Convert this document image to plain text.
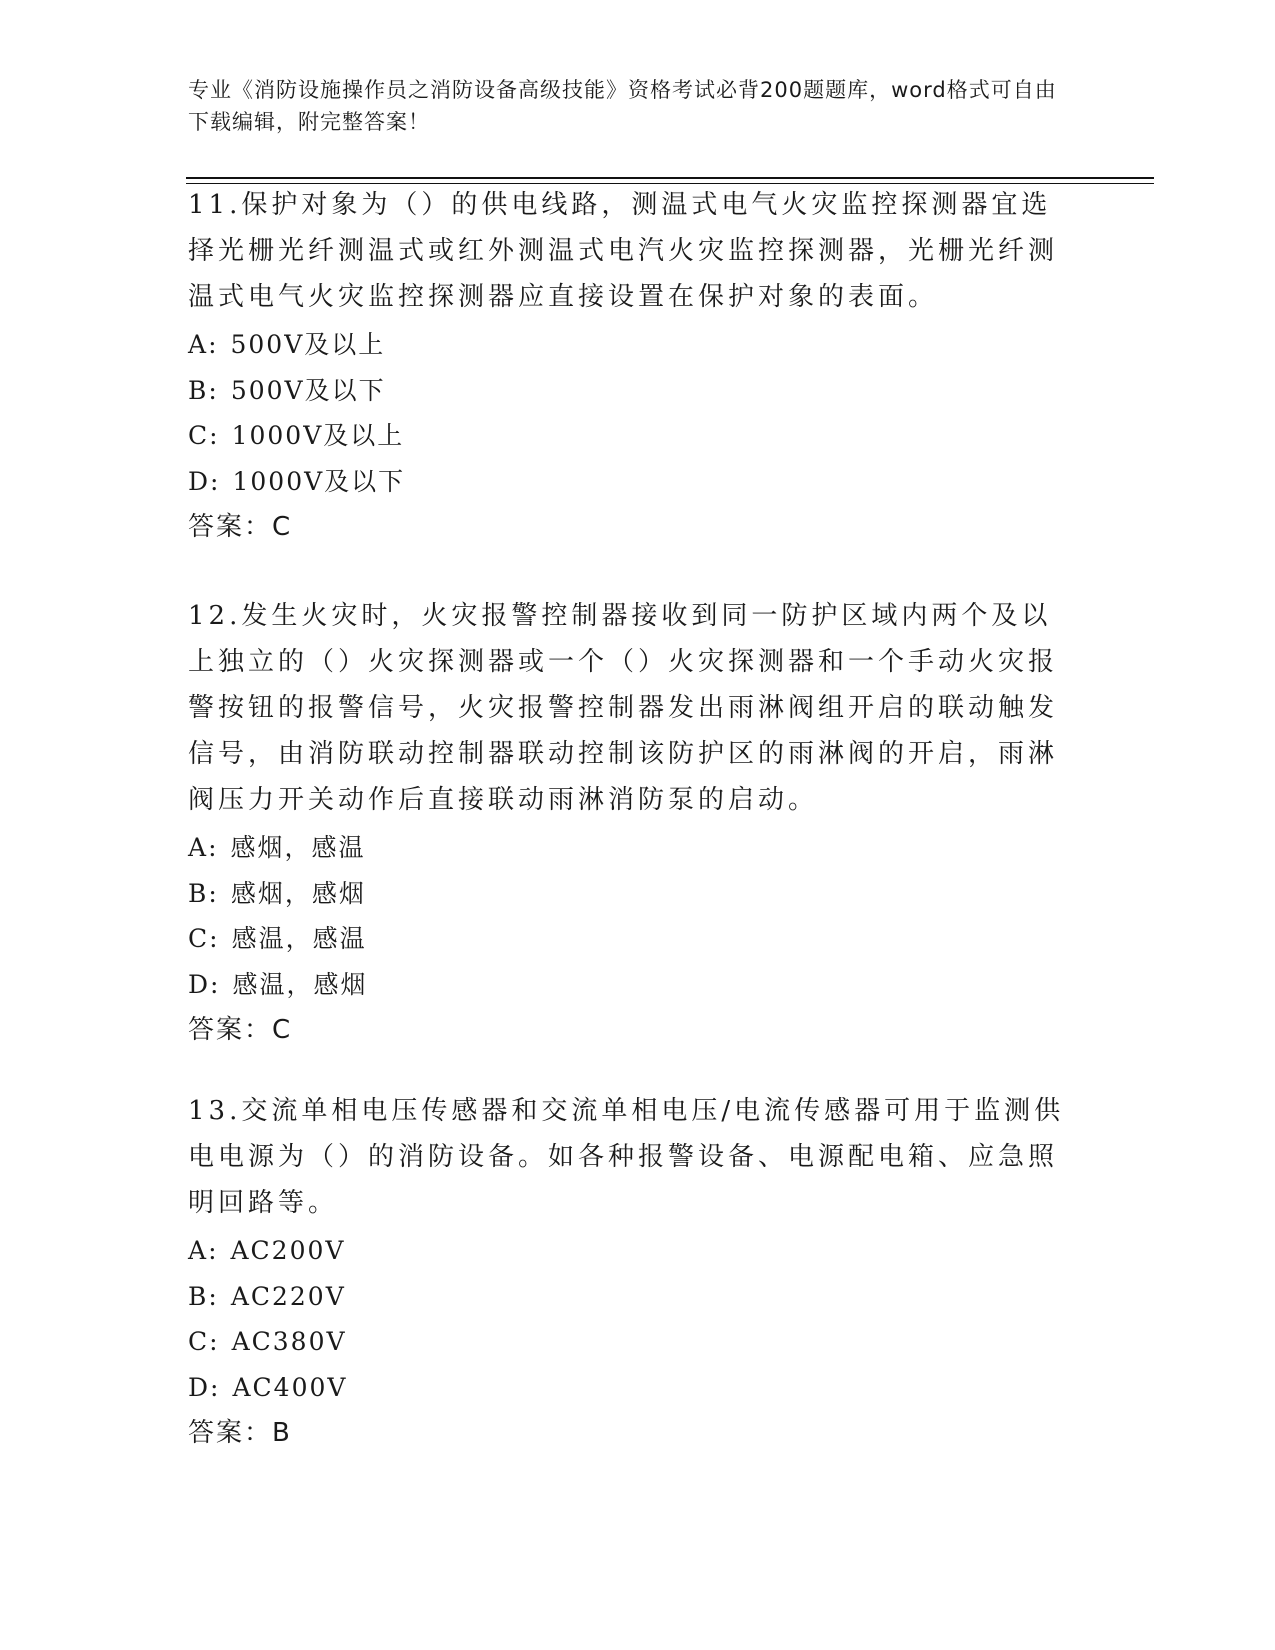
专业《消防设施操作员之消防设备高级技能》资格考试必背200题题库，word格式可自由下载编辑，附完整答案！

11.保护对象为（）的供电线路，测温式电气火灾监控探测器宜选择光栅光纤测温式或红外测温式电汽火灾监控探测器，光栅光纤测温式电气火灾监控探测器应直接设置在保护对象的表面。

A: 500V及以上
B: 500V及以下
C: 1000V及以上
D: 1000V及以下
答案：C

12.发生火灾时，火灾报警控制器接收到同一防护区域内两个及以上独立的（）火灾探测器或一个（）火灾探测器和一个手动火灾报警按钮的报警信号，火灾报警控制器发出雨淋阀组开启的联动触发信号，由消防联动控制器联动控制该防护区的雨淋阀的开启，雨淋阀压力开关动作后直接联动雨淋消防泵的启动。

A: 感烟，感温
B: 感烟，感烟
C: 感温，感温
D: 感温，感烟
答案：C

13.交流单相电压传感器和交流单相电压/电流传感器可用于监测供电电源为（）的消防设备。如各种报警设备、电源配电箱、应急照明回路等。

A: AC200V
B: AC220V
C: AC380V
D: AC400V
答案：B
